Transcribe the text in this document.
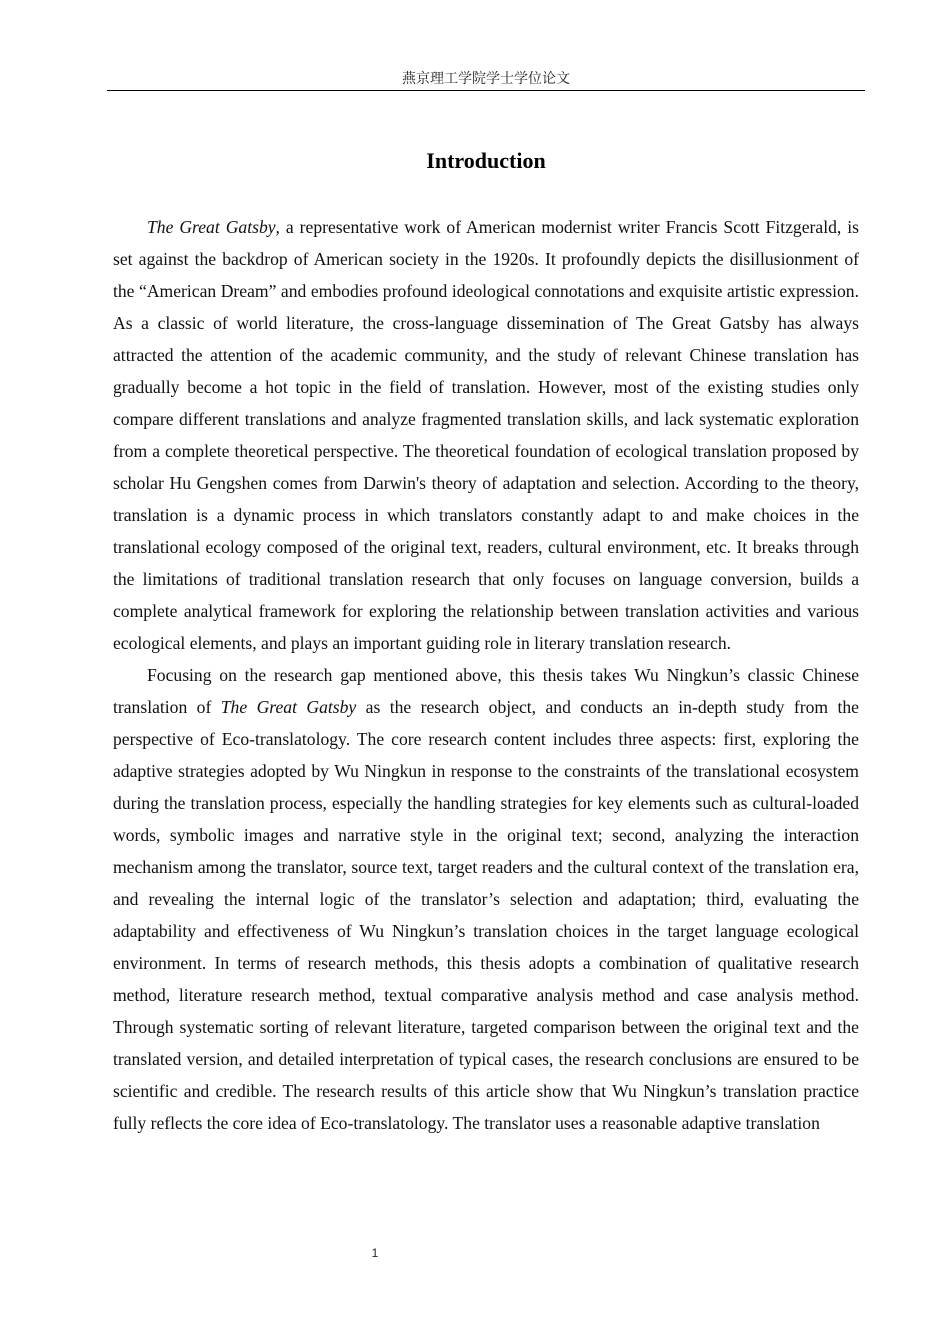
燕京理工学院学士学位论文
Introduction

The Great Gatsby, a representative work of American modernist writer Francis Scott Fitzgerald, is set against the backdrop of American society in the 1920s. It profoundly depicts the disillusionment of the “American Dream” and embodies profound ideological connotations and exquisite artistic expression. As a classic of world literature, the cross-language dissemination of The Great Gatsby has always attracted the attention of the academic community, and the study of relevant Chinese translation has gradually become a hot topic in the field of translation. However, most of the existing studies only compare different translations and analyze fragmented translation skills, and lack systematic exploration from a complete theoretical perspective. The theoretical foundation of ecological translation proposed by scholar Hu Gengshen comes from Darwin's theory of adaptation and selection. According to the theory, translation is a dynamic process in which translators constantly adapt to and make choices in the translational ecology composed of the original text, readers, cultural environment, etc. It breaks through the limitations of traditional translation research that only focuses on language conversion, builds a complete analytical framework for exploring the relationship between translation activities and various ecological elements, and plays an important guiding role in literary translation research.

Focusing on the research gap mentioned above, this thesis takes Wu Ningkun’s classic Chinese translation of The Great Gatsby as the research object, and conducts an in-depth study from the perspective of Eco-translatology. The core research content includes three aspects: first, exploring the adaptive strategies adopted by Wu Ningkun in response to the constraints of the translational ecosystem during the translation process, especially the handling strategies for key elements such as cultural-loaded words, symbolic images and narrative style in the original text; second, analyzing the interaction mechanism among the translator, source text, target readers and the cultural context of the translation era, and revealing the internal logic of the translator’s selection and adaptation; third, evaluating the adaptability and effectiveness of Wu Ningkun’s translation choices in the target language ecological environment. In terms of research methods, this thesis adopts a combination of qualitative research method, literature research method, textual comparative analysis method and case analysis method. Through systematic sorting of relevant literature, targeted comparison between the original text and the translated version, and detailed interpretation of typical cases, the research conclusions are ensured to be scientific and credible. The research results of this article show that Wu Ningkun’s translation practice fully reflects the core idea of Eco-translatology. The translator uses a reasonable adaptive translation

1
